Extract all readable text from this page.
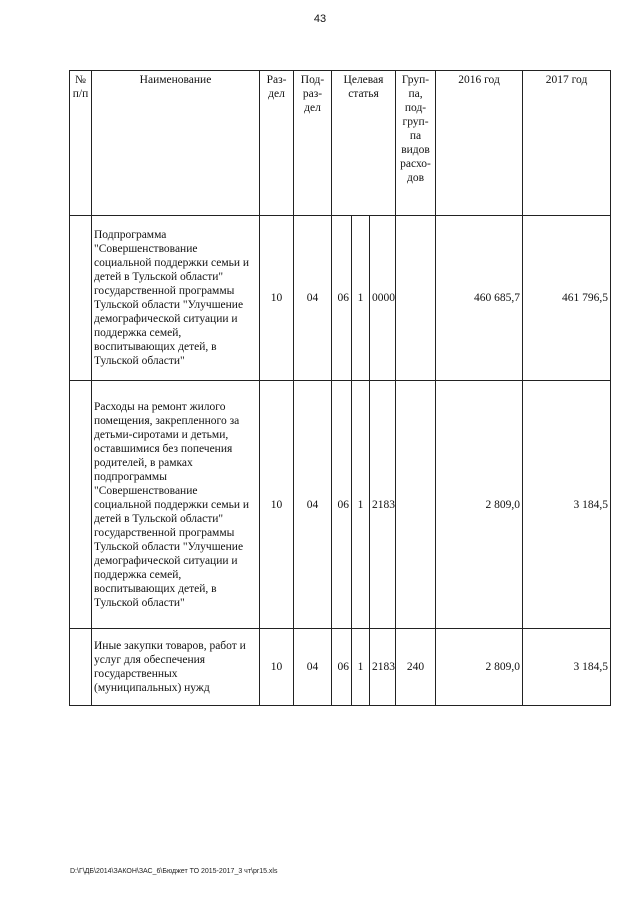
43
№ п/п	Наименование	Раз-дел	Под-раз-дел	Целевая статья			Груп-па, под-груп-па видов расхо-дов	2016 год	2017 год
	Подпрограмма "Совершенствование социальной поддержки семьи и детей в Тульской области" государственной программы Тульской области "Улучшение демографической ситуации и поддержка семей, воспитывающих детей, в Тульской области"	10	04	06	1	0000		460 685,7	461 796,5
	Расходы на ремонт жилого помещения, закрепленного за детьми-сиротами и детьми, оставшимися без попечения родителей, в рамках подпрограммы "Совершенствование социальной поддержки семьи и детей в Тульской области" государственной программы Тульской области "Улучшение демографической ситуации и поддержка семей, воспитывающих детей, в Тульской области"	10	04	06	1	2183		2 809,0	3 184,5
	Иные закупки товаров, работ и услуг для обеспечения государственных (муниципальных) нужд	10	04	06	1	2183	240	2 809,0	3 184,5
D:\Г\ДБ\2014\ЗАКОН\ЗАС_6\Бюджет ТО 2015-2017_3 чт\pr15.xls
